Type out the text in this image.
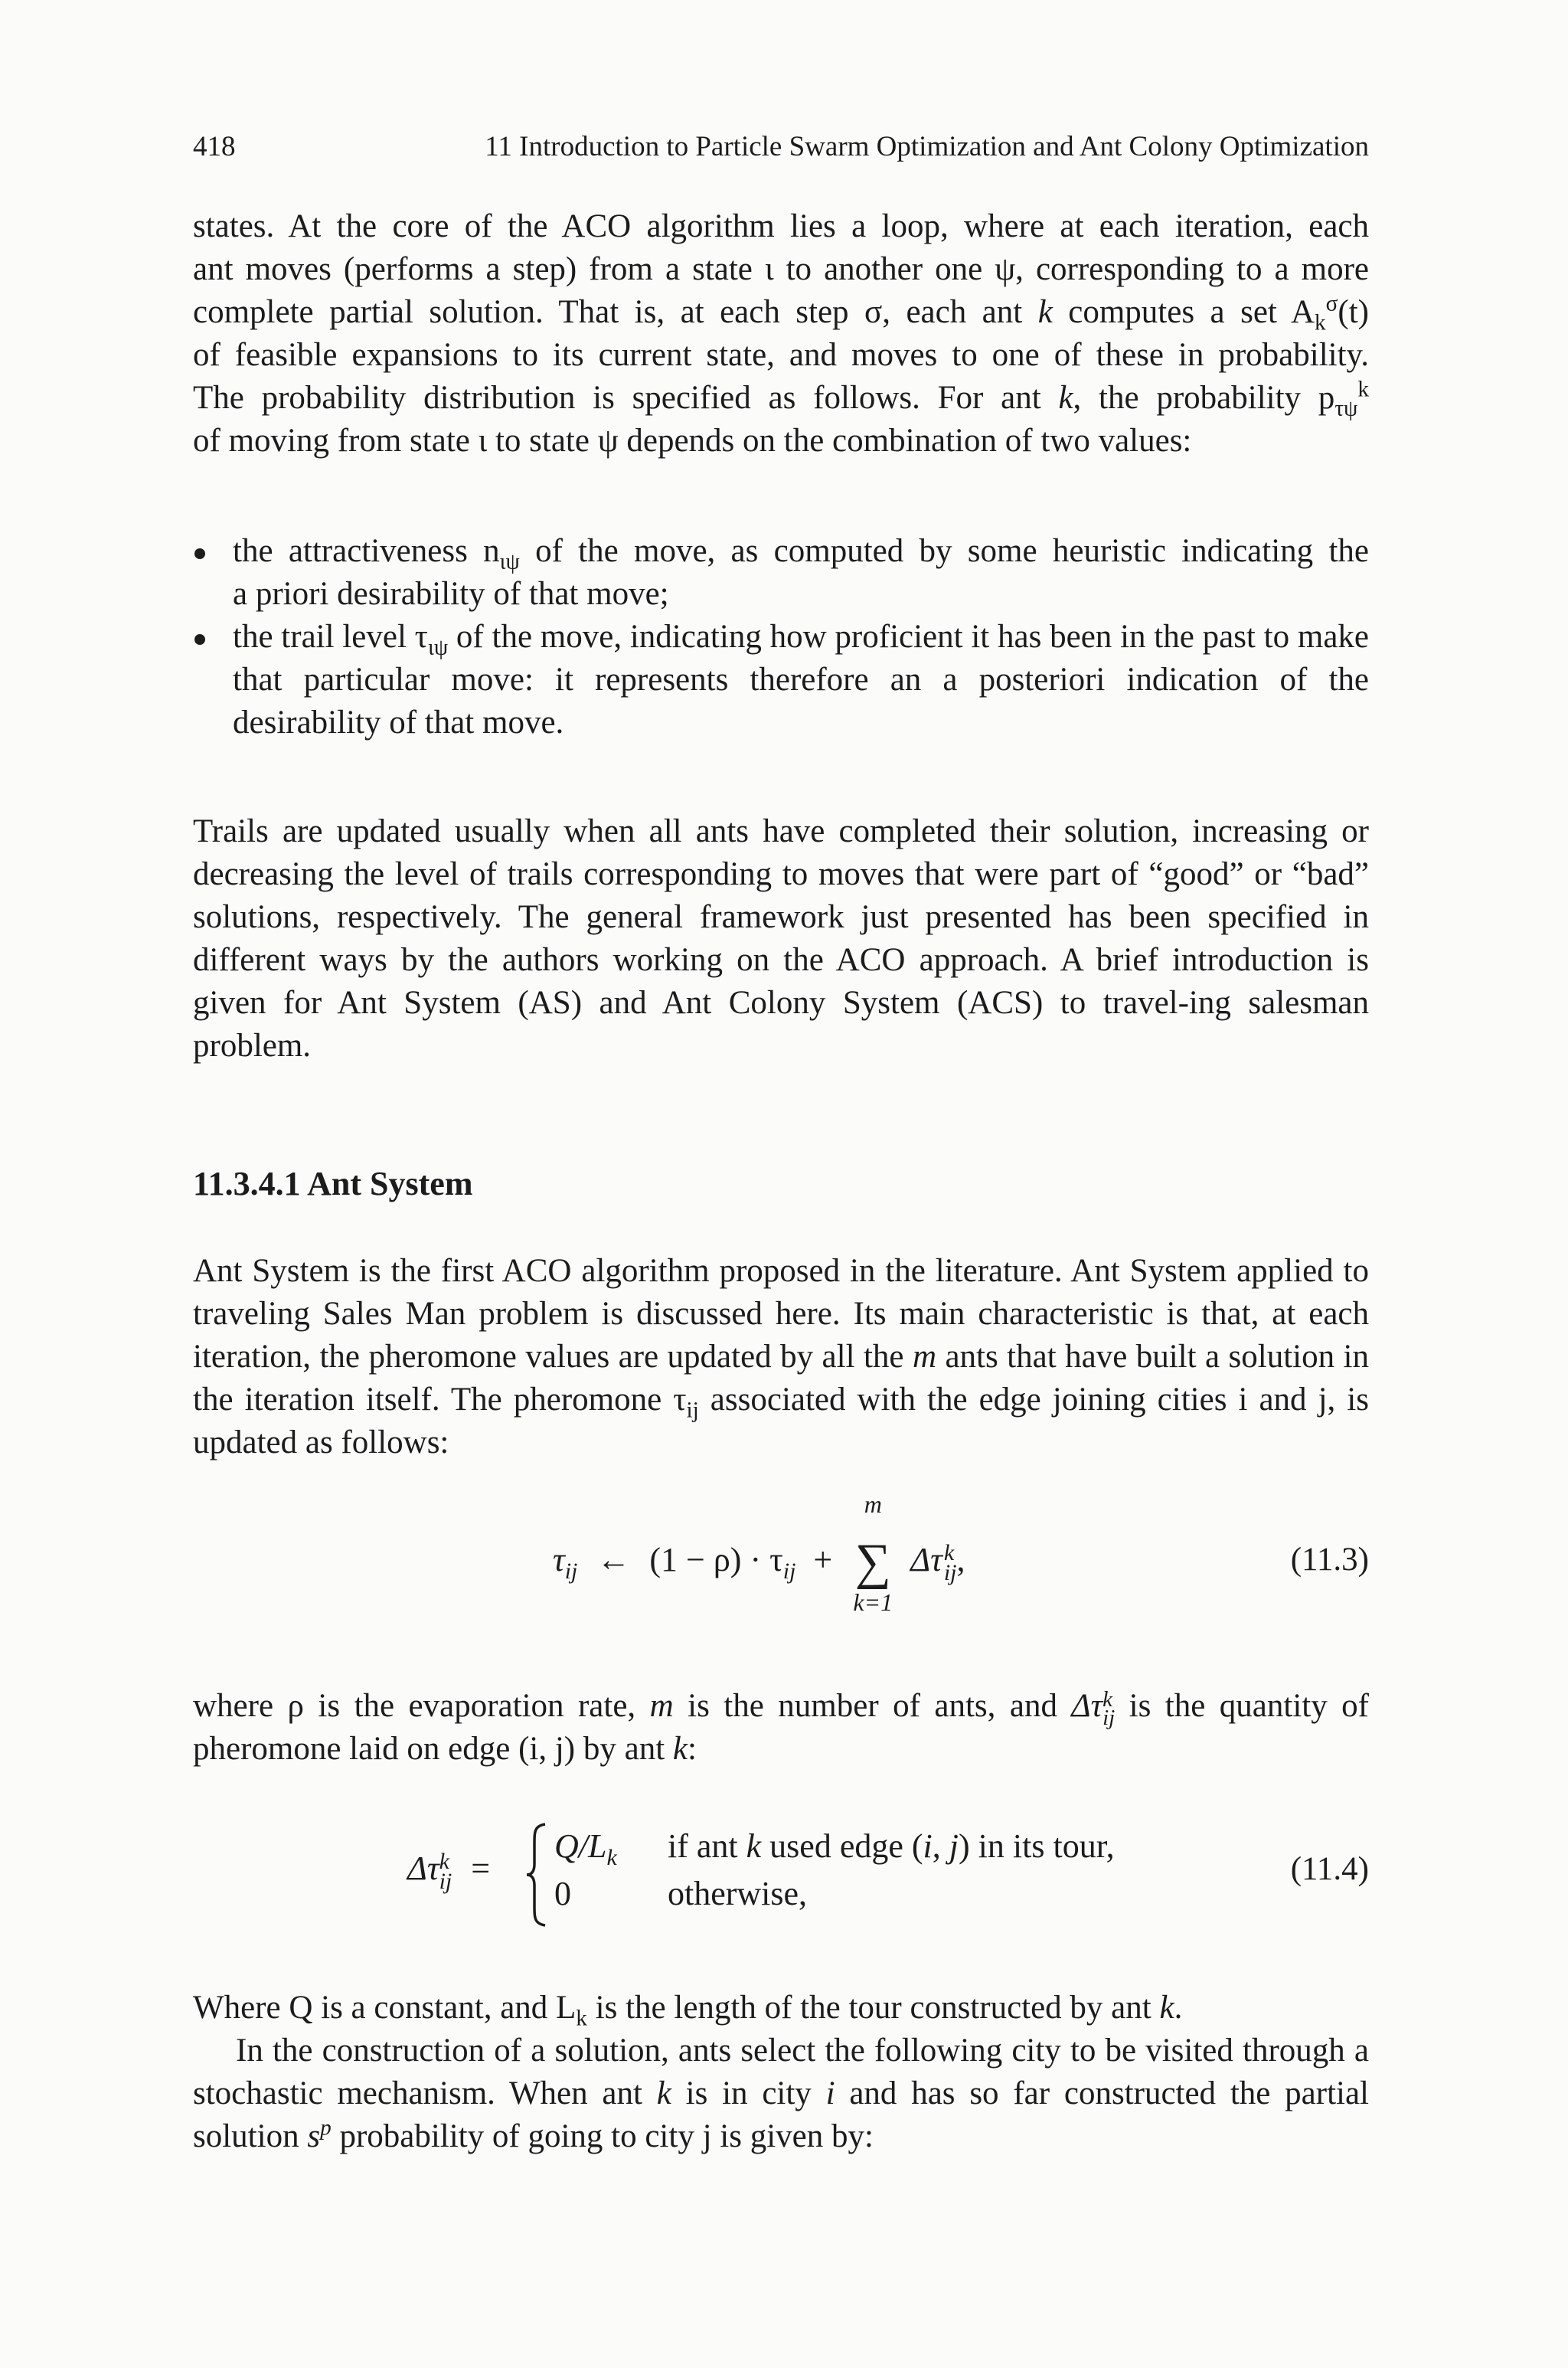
418	11 Introduction to Particle Swarm Optimization and Ant Colony Optimization

states. At the core of the ACO algorithm lies a loop, where at each iteration, each

ant moves (performs a step) from a state ι to another one ψ, corresponding to a more

complete partial solution. That is, at each step σ, each ant k computes a set $A_k^\sigma(t)$

of feasible expansions to its current state, and moves to one of these in probability.

The probability distribution is specified as follows. For ant k, the probability $p_{\tau\psi}^k$

of moving from state ι to state ψ depends on the combination of two values:

the attractiveness $n_{\iota\psi}$ of the move, as computed by some heuristic indicating the
a priori desirability of that move;
the trail level $\tau_{\iota\psi}$ of the move, indicating how proficient it has been in the past to make that particular move: it represents therefore an a posteriori indication of the desirability of that move.

Trails are updated usually when all ants have completed their solution, increasing or decreasing the level of trails corresponding to moves that were part of “good” or “bad” solutions, respectively. The general framework just presented has been specified in different ways by the authors working on the ACO approach. A brief introduction is given for Ant System (AS) and Ant Colony System (ACS) to travel-ing salesman problem.

11.3.4.1 Ant System

Ant System is the first ACO algorithm proposed in the literature. Ant System applied to traveling Sales Man problem is discussed here. Its main characteristic is that, at each iteration, the pheromone values are updated by all the m ants that have built a solution in the iteration itself. The pheromone $\tau_{ij}$ associated with the edge joining cities i and j, is updated as follows:

$\tau_{ij}$ ← $(1 - \rho) \cdot \tau_{ij}$ +
m
∑
k=1
Δτ k
ij ,	(11.3)

where ρ is the evaporation rate, m is the number of ants, and Δτ k
ij is the quantity of

pheromone laid on edge (i, j) by ant k:

Δτ k
ij =
$Q/L_k$ if ant k used edge (i, j) in its tour,
0	otherwise,
(11.4)

Where Q is a constant, and $L_k$ is the length of the tour constructed by ant k.

In the construction of a solution, ants select the following city to be visited through a stochastic mechanism. When ant k is in city i and has so far constructed the partial solution $s^p$ probability of going to city j is given by:
